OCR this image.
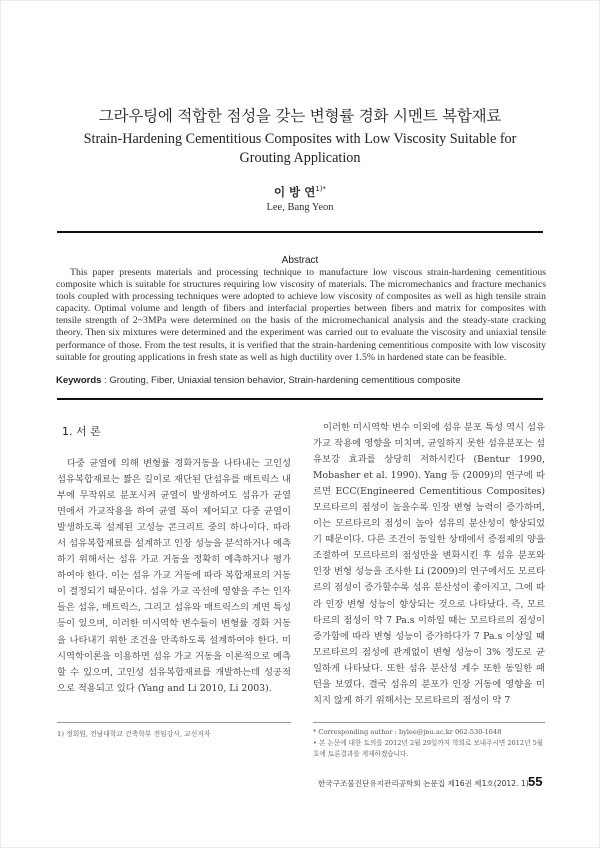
그라우팅에 적합한 점성을 갖는 변형률 경화 시멘트 복합재료
Strain-Hardening Cementitious Composites with Low Viscosity Suitable for Grouting Application
이 방 연$^{1)*}$
Lee, Bang Yeon
Abstract
This paper presents materials and processing technique to manufacture low viscous strain-hardening cementitious composite which is suitable for structures requiring low viscosity of materials. The micromechanics and fracture mechanics tools coupled with processing techniques were adopted to achieve low viscosity of composites as well as high tensile strain capacity. Optimal volume and length of fibers and interfacial properties between fibers and matrix for composites with tensile strength of 2~3MPa were determined on the basis of the micromechanical analysis and the steady-state cracking theory. Then six mixtures were determined and the experiment was carried out to evaluate the viscosity and uniaxial tensile performance of those. From the test results, it is verified that the strain-hardening cementitious composite with low viscosity suitable for grouting applications in fresh state as well as high ductility over 1.5% in hardened state can be feasible.
Keywords : Grouting, Fiber, Uniaxial tension behavior, Strain-hardening cementitious composite
1. 서 론

다중 균열에 의해 변형률 경화거동을 나타내는 고인성 섬유복합재료는 짧은 길이로 재단된 단섬유를 매트릭스 내부에 무작위로 분포시켜 균열이 발생하여도 섬유가 균열 면에서 가교작용을 하여 균열 폭이 제어되고 다중 균열이 발생하도록 설계된 고성능 콘크리트 중의 하나이다. 따라서 섬유복합재료를 설계하고 인장 성능을 분석하거나 예측하기 위해서는 섬유 가교 거동을 정확히 예측하거나 평가하여야 한다. 이는 섬유 가교 거동에 따라 복합재료의 거동이 결정되기 때문이다. 섬유 가교 곡선에 영향을 주는 인자들은 섬유, 매트릭스, 그리고 섬유와 매트릭스의 계면 특성 등이 있으며, 이러한 미시역학 변수들이 변형률 경화 거동을 나타내기 위한 조건을 만족하도록 설계하여야 한다. 미시역학이론을 이용하면 섬유 가교 거동을 이론적으로 예측할 수 있으며, 고인성 섬유복합재료를 개발하는데 성공적으로 적용되고 있다 (Yang and Li 2010, Li 2003).

이러한 미시역학 변수 이외에 섬유 분포 특성 역시 섬유 가교 작용에 영향을 미치며, 균일하지 못한 섬유분포는 섬유보강 효과를 상당히 저하시킨다 (Bentur 1990, Mobasher et al. 1990). Yang 등 (2009)의 연구에 따르면 ECC(Engineered Cementitious Composites) 모르타르의 점성이 높을수록 인장 변형 능력이 증가하며, 이는 모르타르의 점성이 높아 섬유의 분산성이 향상되었기 때문이다. 다른 조건이 동일한 상태에서 증점제의 양을 조절하여 모르타르의 점성만을 변화시킨 후 섬유 분포와 인장 변형 성능을 조사한 Li (2009)의 연구에서도 모르타르의 점성이 증가할수록 섬유 분산성이 좋아지고, 그에 따라 인장 변형 성능이 향상되는 것으로 나타났다. 즉, 모르타르의 점성이 약 7 Pa.s 이하일 때는 모르타르의 점성이 증가함에 따라 변형 성능이 증가하다가 7 Pa.s 이상일 때 모르타르의 점성에 관계없이 변형 성능이 3% 정도로 균일하게 나타났다. 또한 섬유 분산성 계수 또한 동일한 패턴을 보였다. 결국 섬유의 분포가 인장 거동에 영향을 미치지 않게 하기 위해서는 모르타르의 점성이 약 7

1) 정회원, 전남대학교 건축학부 전임강사, 교신저자	* Corresponding author : bylee@jnu.ac.kr 062-530-1648
• 본 논문에 대한 토의를 2012년 2월 29일까지 학회로 보내주시면 2012년 5월호에 토론결과를 게재하겠습니다.
한국구조물진단유지관리공학회 논문집 제16권 제1호(2012. 1) 55
